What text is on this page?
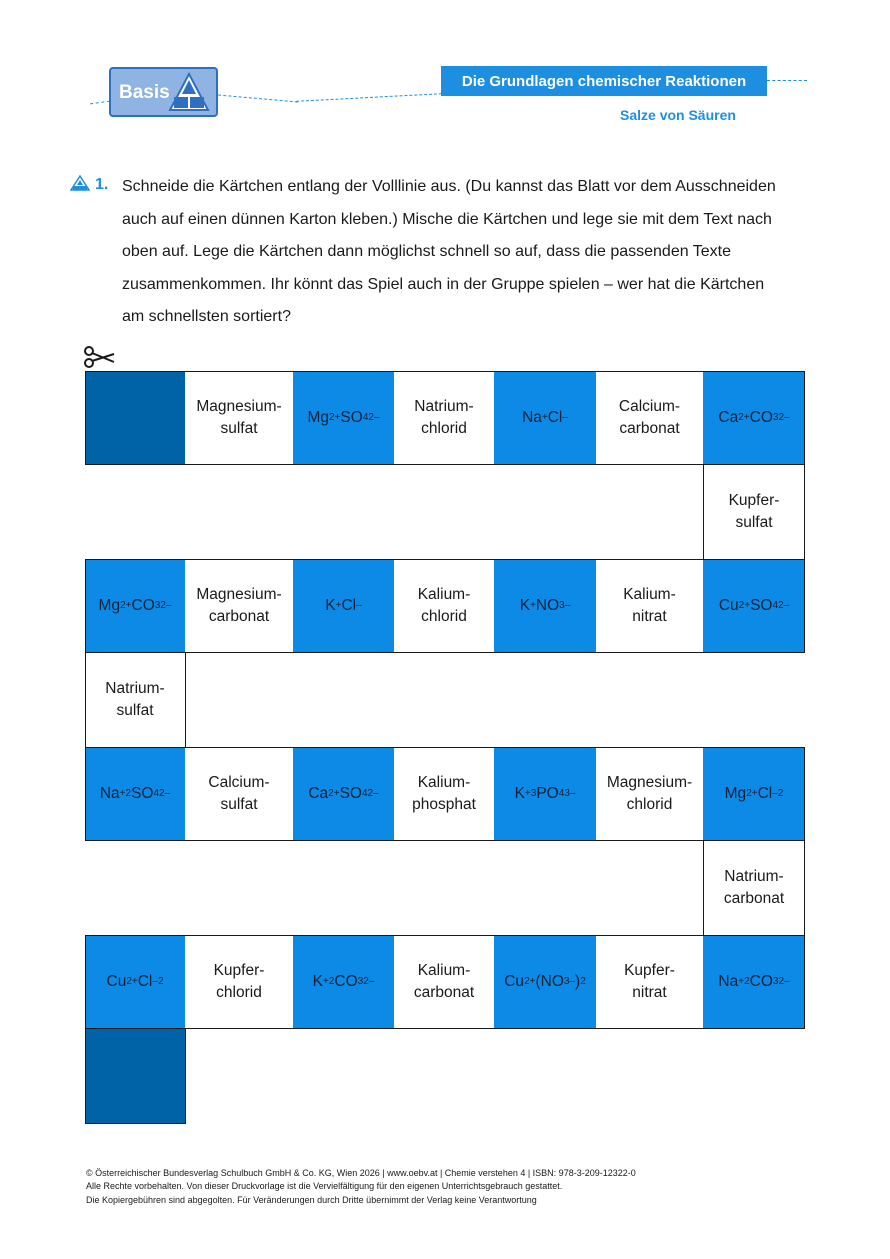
Basis
Die Grundlagen chemischer Reaktionen
Salze von Säuren
1. Schneide die Kärtchen entlang der Volllinie aus. (Du kannst das Blatt vor dem Ausschneiden
auch auf einen dünnen Karton kleben.) Mische die Kärtchen und lege sie mit dem Text nach
oben auf. Lege die Kärtchen dann möglichst schnell so auf, dass die passenden Texte
zusammenkommen. Ihr könnt das Spiel auch in der Gruppe spielen – wer hat die Kärtchen
am schnellsten sortiert?
Magnesium-
sulfat
Mg 2+ SO 4 2–
Natrium-
chlorid
Na + Cl –
Calcium-
carbonat
Ca 2+ CO 3 2–
Kupfer-
sulfat
Mg 2+ CO 3 2–
Magnesium-
carbonat
K + Cl –
Kalium-
chlorid
K + NO 3 –
Kalium-
nitrat
Cu 2+ SO 4 2–
Natrium-
sulfat
Na + 2 SO 4 2–
Calcium-
sulfat
Ca 2+ SO 4 2–
Kalium-
phosphat
K + 3 PO 4 3–
Magnesium-
chlorid
Mg 2+ Cl – 2
Natrium-
carbonat
Cu 2+ Cl – 2
Kupfer-
chlorid
K + 2 CO 3 2–
Kalium-
carbonat
Cu 2+ (NO 3 – ) 2
Kupfer-
nitrat
Na + 2 CO 3 2–
© Österreichischer Bundesverlag Schulbuch GmbH & Co. KG, Wien 2026 | www.oebv.at | Chemie verstehen 4 | ISBN: 978-3-209-12322-0
Alle Rechte vorbehalten. Von dieser Druckvorlage ist die Vervielfältigung für den eigenen Unterrichtsgebrauch gestattet.
Die Kopiergebühren sind abgegolten. Für Veränderungen durch Dritte übernimmt der Verlag keine Verantwortung
